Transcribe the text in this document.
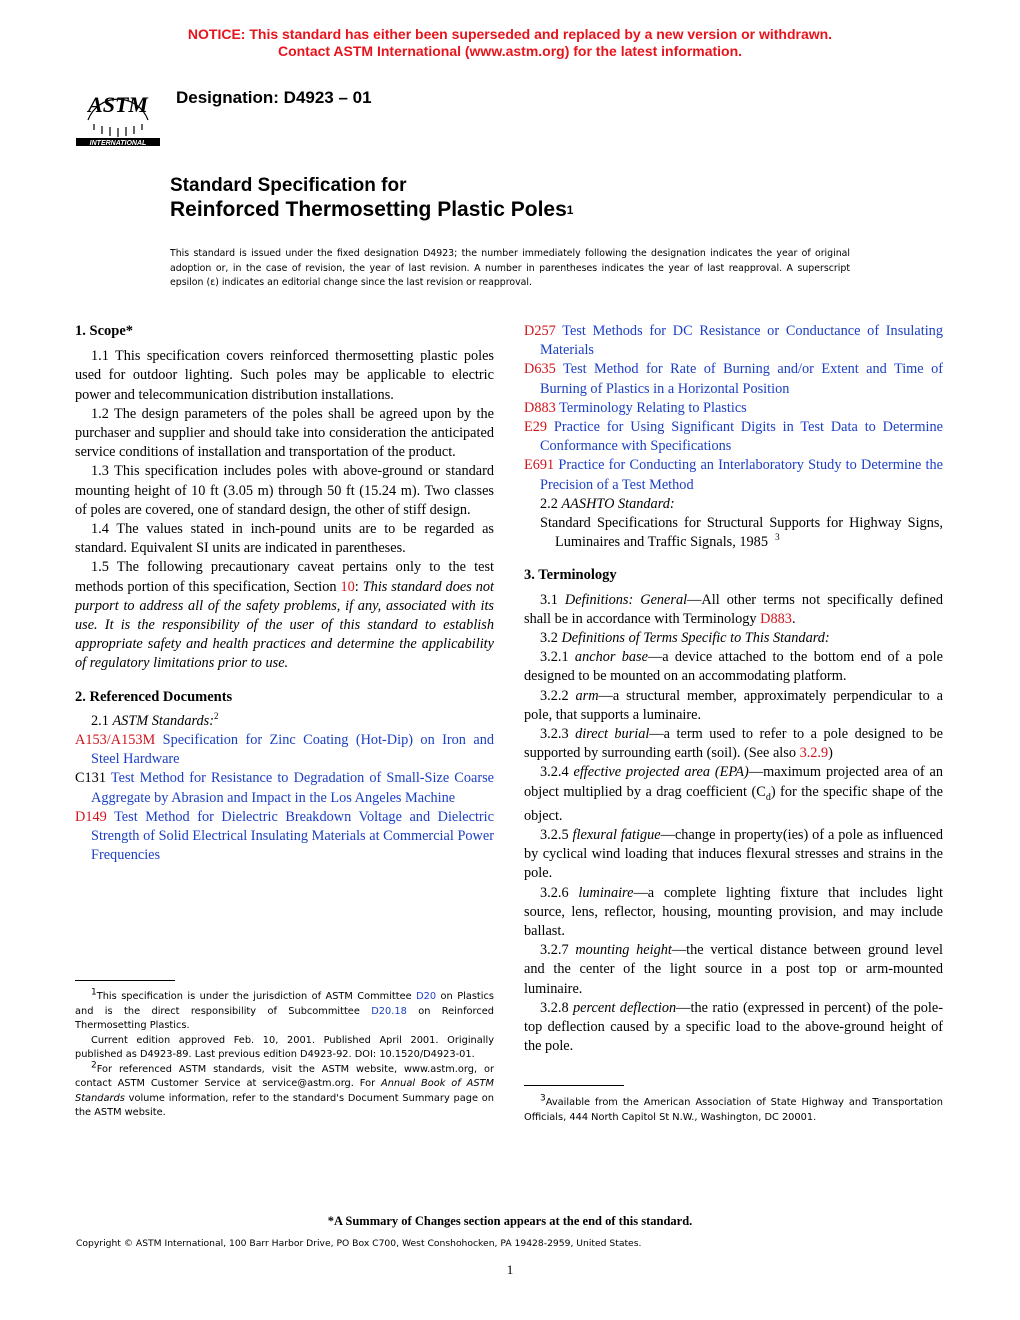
NOTICE: This standard has either been superseded and replaced by a new version or withdrawn.
Contact ASTM International (www.astm.org) for the latest information.
ASTM
INTERNATIONAL
Designation: D4923 – 01
Standard Specification for
Reinforced Thermosetting Plastic Poles$^1$
This standard is issued under the fixed designation D4923; the number immediately following the designation indicates the year of original adoption or, in the case of revision, the year of last revision. A number in parentheses indicates the year of last reapproval. A superscript epsilon (ε) indicates an editorial change since the last revision or reapproval.
1. Scope*

1.1 This specification covers reinforced thermosetting plastic poles used for outdoor lighting. Such poles may be applicable to electric power and telecommunication distribution installations.

1.2 The design parameters of the poles shall be agreed upon by the purchaser and supplier and should take into consideration the anticipated service conditions of installation and transportation of the product.

1.3 This specification includes poles with above-ground or standard mounting height of 10 ft (3.05 m) through 50 ft (15.24 m). Two classes of poles are covered, one of standard design, the other of stiff design.

1.4 The values stated in inch-pound units are to be regarded as standard. Equivalent SI units are indicated in parentheses.

1.5 The following precautionary caveat pertains only to the test methods portion of this specification, Section 10: This standard does not purport to address all of the safety problems, if any, associated with its use. It is the responsibility of the user of this standard to establish appropriate safety and health practices and determine the applicability of regulatory limitations prior to use.

2. Referenced Documents

2.1 ASTM Standards:$^2$

A153/A153M Specification for Zinc Coating (Hot-Dip) on Iron and Steel Hardware

C131 Test Method for Resistance to Degradation of Small-Size Coarse Aggregate by Abrasion and Impact in the Los Angeles Machine

D149 Test Method for Dielectric Breakdown Voltage and Dielectric Strength of Solid Electrical Insulating Materials at Commercial Power Frequencies

D257 Test Methods for DC Resistance or Conductance of Insulating Materials

D635 Test Method for Rate of Burning and/or Extent and Time of Burning of Plastics in a Horizontal Position

D883 Terminology Relating to Plastics

E29 Practice for Using Significant Digits in Test Data to Determine Conformance with Specifications

E691 Practice for Conducting an Interlaboratory Study to Determine the Precision of a Test Method

2.2 AASHTO Standard:

Standard Specifications for Structural Supports for Highway Signs, Luminaires and Traffic Signals, 1985 $^3$

3. Terminology

3.1 Definitions: General—All other terms not specifically defined shall be in accordance with Terminology D883.

3.2 Definitions of Terms Specific to This Standard:

3.2.1 anchor base—a device attached to the bottom end of a pole designed to be mounted on an accommodating platform.

3.2.2 arm—a structural member, approximately perpendicular to a pole, that supports a luminaire.

3.2.3 direct burial—a term used to refer to a pole designed to be supported by surrounding earth (soil). (See also 3.2.9)

3.2.4 effective projected area (EPA)—maximum projected area of an object multiplied by a drag coefficient $(C_d)$ for the specific shape of the object.

3.2.5 flexural fatigue—change in property(ies) of a pole as influenced by cyclical wind loading that induces flexural stresses and strains in the pole.

3.2.6 luminaire—a complete lighting fixture that includes light source, lens, reflector, housing, mounting provision, and may include ballast.

3.2.7 mounting height—the vertical distance between ground level and the center of the light source in a post top or arm-mounted luminaire.

3.2.8 percent deflection—the ratio (expressed in percent) of the pole-top deflection caused by a specific load to the above-ground height of the pole.

$^1$This specification is under the jurisdiction of ASTM Committee D20 on Plastics and is the direct responsibility of Subcommittee D20.18 on Reinforced Thermosetting Plastics.

Current edition approved Feb. 10, 2001. Published April 2001. Originally published as D4923-89. Last previous edition D4923-92. DOI: 10.1520/D4923-01.

$^2$For referenced ASTM standards, visit the ASTM website, www.astm.org, or contact ASTM Customer Service at service@astm.org. For Annual Book of ASTM Standards volume information, refer to the standard's Document Summary page on the ASTM website.

$^3$Available from the American Association of State Highway and Transportation Officials, 444 North Capitol St N.W., Washington, DC 20001.

*A Summary of Changes section appears at the end of this standard.
Copyright © ASTM International, 100 Barr Harbor Drive, PO Box C700, West Conshohocken, PA 19428-2959, United States.
1
